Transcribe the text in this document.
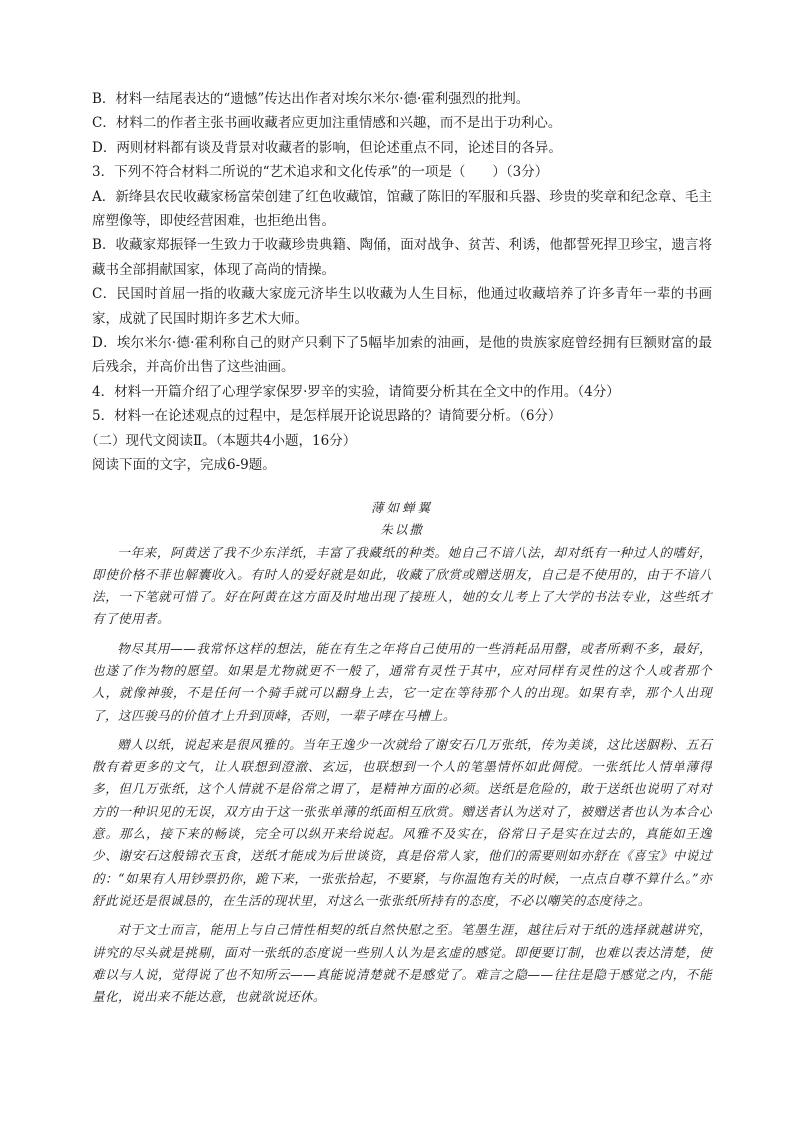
B．材料一结尾表达的“遗憾”传达出作者对埃尔米尔·德·霍利强烈的批判。

C．材料二的作者主张书画收藏者应更加注重情感和兴趣，而不是出于功利心。

D．两则材料都有谈及背景对收藏者的影响，但论述重点不同，论述目的各异。

3．下列不符合材料二所说的“艺术追求和文化传承”的一项是（　　）（3分）

A．新绛县农民收藏家杨富荣创建了红色收藏馆，馆藏了陈旧的军服和兵器、珍贵的奖章和纪念章、毛主席塑像等，即使经营困难，也拒绝出售。

B．收藏家郑振铎一生致力于收藏珍贵典籍、陶俑，面对战争、贫苦、利诱，他都誓死捍卫珍宝，遗言将藏书全部捐献国家，体现了高尚的情操。

C．民国时首屈一指的收藏大家庞元济毕生以收藏为人生目标，他通过收藏培养了许多青年一辈的书画家，成就了民国时期许多艺术大师。

D．埃尔米尔·德·霍利称自己的财产只剩下了5幅毕加索的油画，是他的贵族家庭曾经拥有巨额财富的最后残余，并高价出售了这些油画。

4．材料一开篇介绍了心理学家保罗·罗辛的实验，请简要分析其在全文中的作用。（4分）

5．材料一在论述观点的过程中，是怎样展开论说思路的？请简要分析。（6分）

（二）现代文阅读Ⅱ。（本题共4小题，16分）

阅读下面的文字，完成6-9题。

薄如蝉翼

朱以撒

一年来，阿黄送了我不少东洋纸，丰富了我藏纸的种类。她自己不谙八法，却对纸有一种过人的嗜好，即使价格不菲也解囊收入。有时人的爱好就是如此，收藏了欣赏或赠送朋友，自己是不使用的，由于不谙八法，一下笔就可惜了。好在阿黄在这方面及时地出现了接班人，她的女儿考上了大学的书法专业，这些纸才有了使用者。

物尽其用——我常怀这样的想法，能在有生之年将自己使用的一些消耗品用罄，或者所剩不多，最好，也遂了作为物的愿望。如果是尤物就更不一般了，通常有灵性于其中，应对同样有灵性的这个人或者那个人，就像神骏，不是任何一个骑手就可以翻身上去，它一定在等待那个人的出现。如果有幸，那个人出现了，这匹骏马的价值才上升到顶峰，否则，一辈子哮在马槽上。

赠人以纸，说起来是很风雅的。当年王逸少一次就给了谢安石几万张纸，传为美谈，这比送胭粉、五石散有着更多的文气，让人联想到澄澈、玄远，也联想到一个人的笔墨情怀如此倜傥。一张纸比人情单薄得多，但几万张纸，这个人情就不是俗常之谓了，是精神方面的必须。送纸是危险的，敢于送纸也说明了对对方的一种识见的无误，双方由于这一张张单薄的纸面相互欣赏。赠送者认为送对了，被赠送者也认为本合心意。那么，接下来的畅谈，完全可以纵开来给说起。风雅不及实在，俗常日子是实在过去的，真能如王逸少、谢安石这般锦衣玉食，送纸才能成为后世谈资，真是俗常人家，他们的需要则如亦舒在《喜宝》中说过的：“如果有人用钞票扔你，跪下来，一张张拾起，不要紧，与你温饱有关的时候，一点点自尊不算什么。”亦舒此说还是很诚恳的，在生活的现状里，对这么一张张纸所持有的态度，不必以嘲笑的态度待之。

对于文士而言，能用上与自己情性相契的纸自然快慰之至。笔墨生涯，越往后对于纸的选择就越讲究，讲究的尽头就是挑剔，面对一张纸的态度说一些别人认为是玄虚的感觉。即便要订制，也难以表达清楚，使难以与人说，觉得说了也不知所云——真能说清楚就不是感觉了。难言之隐——往往是隐于感觉之内，不能量化，说出来不能达意，也就欲说还休。
